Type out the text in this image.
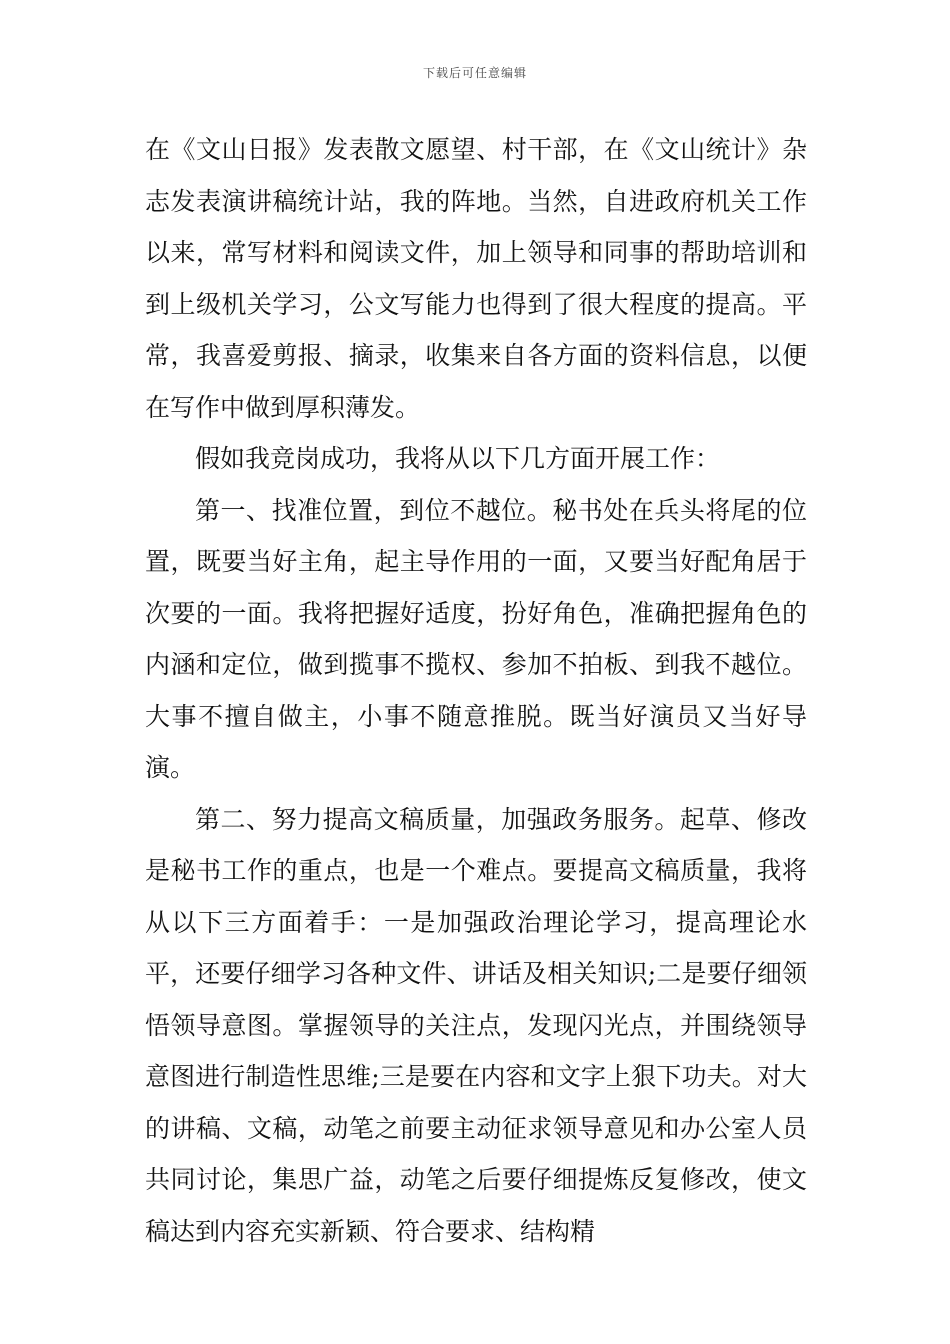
下载后可任意编辑

在《文山日报》发表散文愿望、村干部，在《文山统计》杂志发表演讲稿统计站，我的阵地。当然，自进政府机关工作以来，常写材料和阅读文件，加上领导和同事的帮助培训和到上级机关学习，公文写能力也得到了很大程度的提高。平常，我喜爱剪报、摘录，收集来自各方面的资料信息，以便在写作中做到厚积薄发。

假如我竞岗成功，我将从以下几方面开展工作：

第一、找准位置，到位不越位。秘书处在兵头将尾的位置，既要当好主角，起主导作用的一面，又要当好配角居于次要的一面。我将把握好适度，扮好角色，准确把握角色的内涵和定位，做到揽事不揽权、参加不拍板、到我不越位。大事不擅自做主，小事不随意推脱。既当好演员又当好导演。

第二、努力提高文稿质量，加强政务服务。起草、修改是秘书工作的重点，也是一个难点。要提高文稿质量，我将从以下三方面着手：一是加强政治理论学习，提高理论水平，还要仔细学习各种文件、讲话及相关知识;二是要仔细领悟领导意图。掌握领导的关注点，发现闪光点，并围绕领导意图进行制造性思维;三是要在内容和文字上狠下功夫。对大的讲稿、文稿，动笔之前要主动征求领导意见和办公室人员共同讨论，集思广益，动笔之后要仔细提炼反复修改，使文稿达到内容充实新颖、符合要求、结构精
